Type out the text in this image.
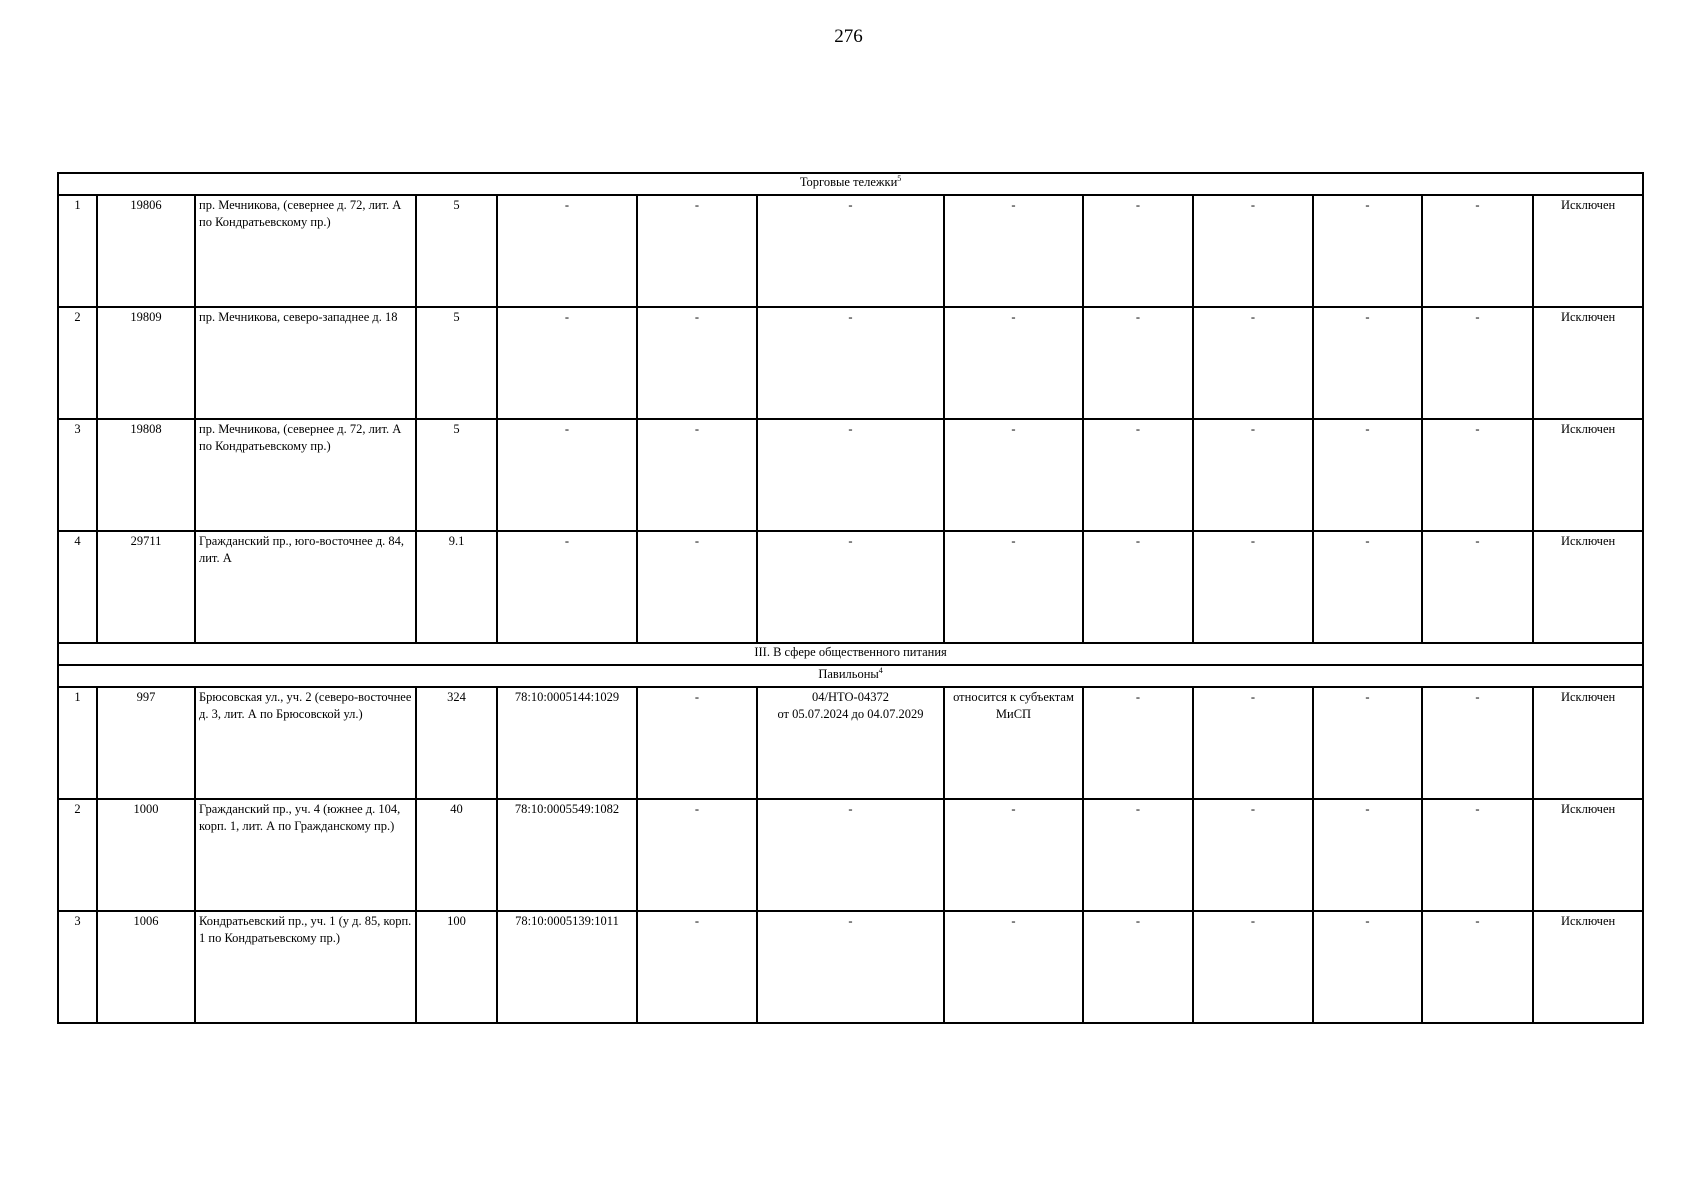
276
Торговые тележки$^5$
1	19806	пр. Мечникова, (севернее д. 72, лит. А по Кондратьевскому пр.)	5	-	-	-	-	-	-	-	-	Исключен
2	19809	пр. Мечникова, северо-западнее д. 18	5	-	-	-	-	-	-	-	-	Исключен
3	19808	пр. Мечникова, (севернее д. 72, лит. А по Кондратьевскому пр.)	5	-	-	-	-	-	-	-	-	Исключен
4	29711	Гражданский пр., юго-восточнее д. 84, лит. А	9.1	-	-	-	-	-	-	-	-	Исключен
III. В сфере общественного питания												
Павильоны$^4$
1	997	Брюсовская ул., уч. 2 (северо-восточнее д. 3, лит. А по Брюсовской ул.)	324	78:10:0005144:1029	-	04/НТО-04372
от 05.07.2024 до 04.07.2029	относится к субъектам МиСП	-	-	-	-	Исключен
2	1000	Гражданский пр., уч. 4 (южнее д. 104, корп. 1, лит. А по Гражданскому пр.)	40	78:10:0005549:1082	-	-	-	-	-	-	-	Исключен
3	1006	Кондратьевский пр., уч. 1 (у д. 85, корп. 1 по Кондратьевскому пр.)	100	78:10:0005139:1011	-	-	-	-	-	-	-	Исключен
